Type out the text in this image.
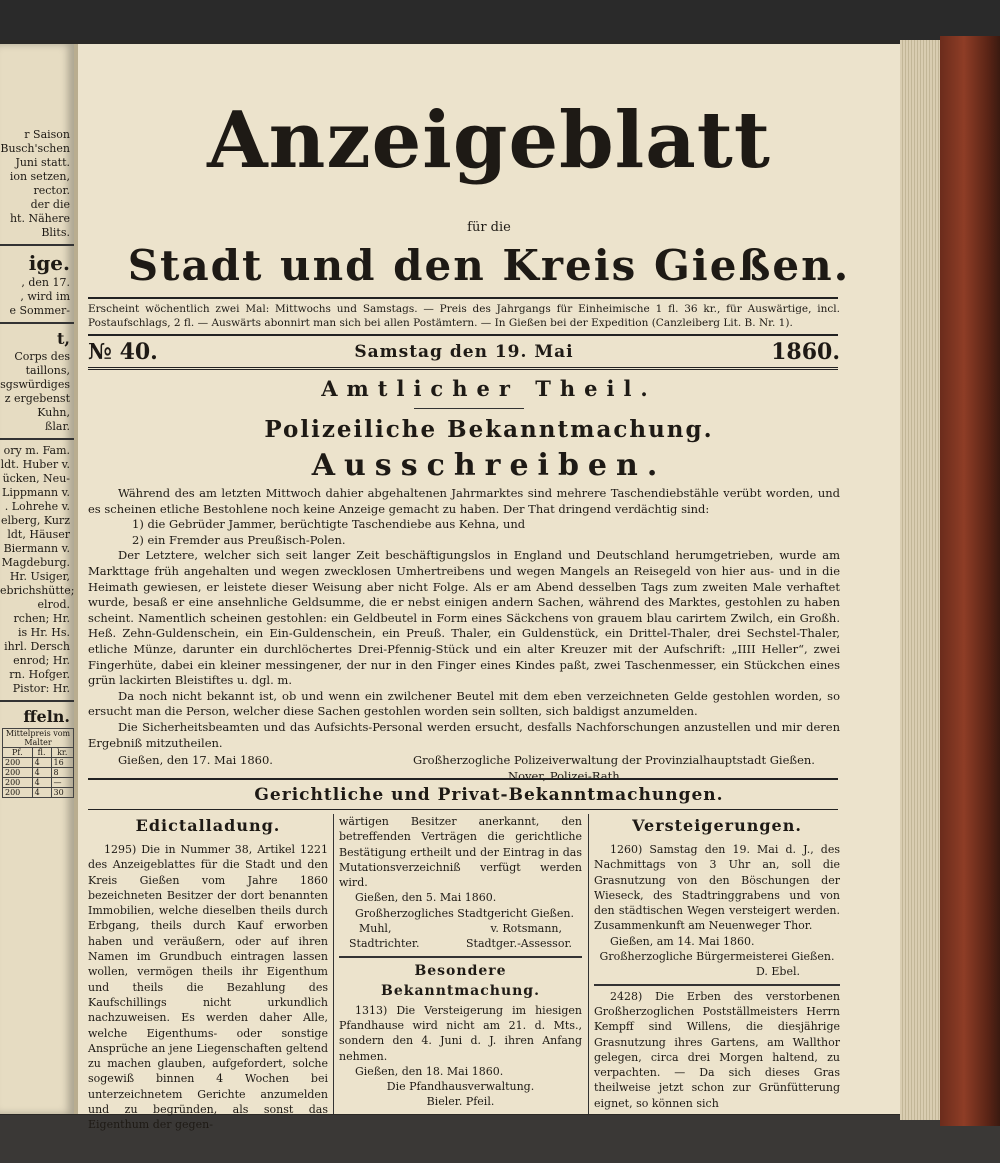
r Saison
Busch'schen
Juni statt.
ion setzen,
rector.
der die
ht. Nähere
Blits.
ige.
, den 17.
, wird im
e Sommer-
t,
Corps des
taillons,
sgswürdiges
z ergebenst
Kuhn,
ßlar.
ory m. Fam.
ldt. Huber v.
ücken, Neu-
Lippmann v.
. Lohrehe v.
elberg, Kurz
ldt, Häuser
Biermann v.
Magdeburg.
Hr. Usiger,
ebrichshütte;
elrod.
rchen; Hr.
is Hr. Hs.
ihrl. Dersch
enrod; Hr.
rn. Hofger.
Pistor: Hr.
ffeln.
Mittelpreis vom Malter		
Pf.	fl.	kr.
200	4	16
200	4	8
200	4	—
200	4	30
Anzeigeblatt
für die
Stadt und den Kreis Gießen.
Erscheint wöchentlich zwei Mal: Mittwochs und Samstags. — Preis des Jahrgangs für Einheimische 1 fl. 36 kr., für Auswärtige, incl. Postaufschlags, 2 fl. — Auswärts abonnirt man sich bei allen Postämtern. — In Gießen bei der Expedition (Canzleiberg Lit. B. Nr. 1).
№ 40.	Samstag den 19. Mai	1860.
Amtlicher Theil.
Polizeiliche Bekanntmachung.
Ausschreiben.

Während des am letzten Mittwoch dahier abgehaltenen Jahrmarktes sind mehrere Taschendiebstähle verübt worden, und es scheinen etliche Bestohlene noch keine Anzeige gemacht zu haben. Der That dringend verdächtig sind:

1) die Gebrüder Jammer, berüchtigte Taschendiebe aus Kehna, und

2) ein Fremder aus Preußisch-Polen.

Der Letztere, welcher sich seit langer Zeit beschäftigungslos in England und Deutschland herumgetrieben, wurde am Markttage früh angehalten und wegen zwecklosen Umhertreibens und wegen Mangels an Reisegeld von hier aus- und in die Heimath gewiesen, er leistete dieser Weisung aber nicht Folge. Als er am Abend desselben Tags zum zweiten Male verhaftet wurde, besaß er eine ansehnliche Geldsumme, die er nebst einigen andern Sachen, während des Marktes, gestohlen zu haben scheint. Namentlich scheinen gestohlen: ein Geldbeutel in Form eines Säckchens von grauem blau carirtem Zwilch, ein Großh. Heß. Zehn-Guldenschein, ein Ein-Guldenschein, ein Preuß. Thaler, ein Guldenstück, ein Drittel-Thaler, drei Sechstel-Thaler, etliche Münze, darunter ein durchlöchertes Drei-Pfennig-Stück und ein alter Kreuzer mit der Aufschrift: „IIII Heller“, zwei Fingerhüte, dabei ein kleiner messingener, der nur in den Finger eines Kindes paßt, zwei Taschenmesser, ein Stückchen eines grün lackirten Bleistiftes u. dgl. m.

Da noch nicht bekannt ist, ob und wenn ein zwilchener Beutel mit dem eben verzeichneten Gelde gestohlen worden, so ersucht man die Person, welcher diese Sachen gestohlen worden sein sollten, sich baldigst anzumelden.

Die Sicherheitsbeamten und das Aufsichts-Personal werden ersucht, desfalls Nachforschungen anzustellen und mir deren Ergebniß mitzutheilen.

Gießen, den 17. Mai 1860.	Großherzogliche Polizeiverwaltung der Provinzialhauptstadt Gießen.
Nover, Polizei-Rath.
Gerichtliche und Privat-Bekanntmachungen.
Edictalladung.

1295) Die in Nummer 38, Artikel 1221 des Anzeigeblattes für die Stadt und den Kreis Gießen vom Jahre 1860 bezeichneten Besitzer der dort benannten Immobilien, welche dieselben theils durch Erbgang, theils durch Kauf erworben haben und veräußern, oder auf ihren Namen im Grundbuch eintragen lassen wollen, vermögen theils ihr Eigenthum und theils die Bezahlung des Kaufschillings nicht urkundlich nachzuweisen. Es werden daher Alle, welche Eigenthums- oder sonstige Ansprüche an jene Liegenschaften geltend zu machen glauben, aufgefordert, solche sogewiß binnen 4 Wochen bei unterzeichnetem Gerichte anzumelden und zu begründen, als sonst das Eigenthum der gegen-

wärtigen Besitzer anerkannt, den betreffenden Verträgen die gerichtliche Bestätigung ertheilt und der Eintrag in das Mutationsverzeichniß verfügt werden wird.

Gießen, den 5. Mai 1860.

Großherzogliches Stadtgericht Gießen.

Muhl,	v. Rotsmann,
Stadtrichter.	Stadtger.-Assessor.
Besondere Bekanntmachung.

1313) Die Versteigerung im hiesigen Pfandhause wird nicht am 21. d. Mts., sondern den 4. Juni d. J. ihren Anfang nehmen.

Gießen, den 18. Mai 1860.

Die Pfandhausverwaltung.

Bieler. Pfeil.

Versteigerungen.

1260) Samstag den 19. Mai d. J., des Nachmittags von 3 Uhr an, soll die Grasnutzung von den Böschungen der Wieseck, des Stadtringgrabens und von den städtischen Wegen versteigert werden. Zusammenkunft am Neuenweger Thor.

Gießen, am 14. Mai 1860.

Großherzogliche Bürgermeisterei Gießen.

D. Ebel.

2428) Die Erben des verstorbenen Großherzoglichen Postställmeisters Herrn Kempff sind Willens, die diesjährige Grasnutzung ihres Gartens, am Wallthor gelegen, circa drei Morgen haltend, zu verpachten. — Da sich dieses Gras theilweise jetzt schon zur Grünfütterung eignet, so können sich
